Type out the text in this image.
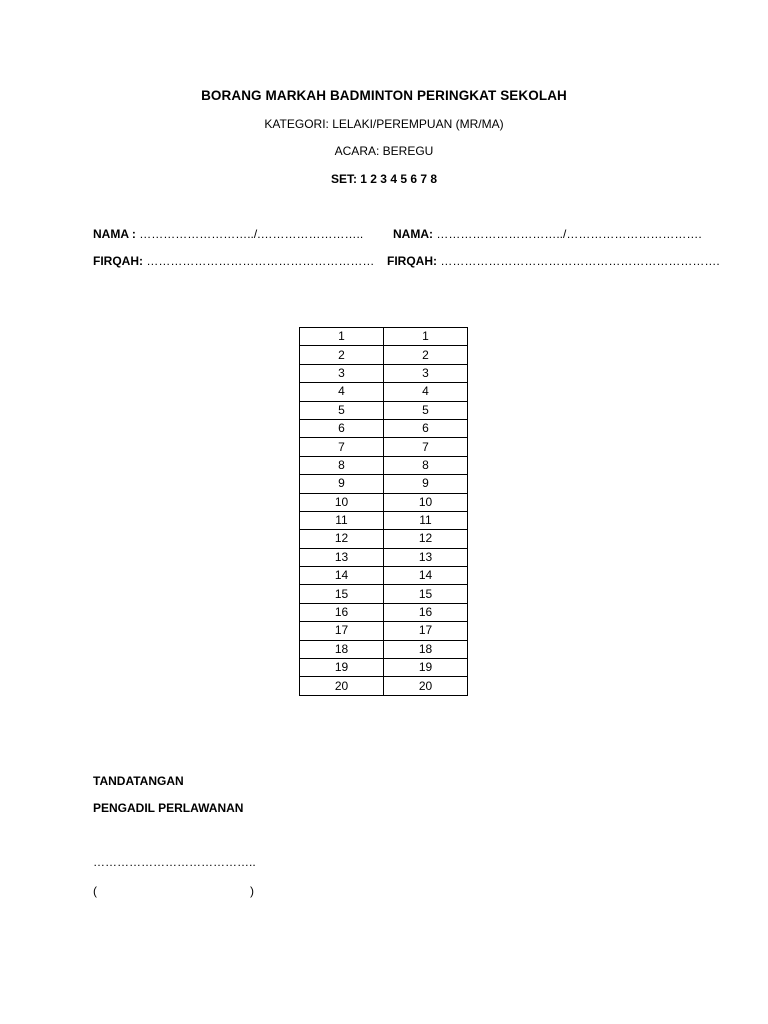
BORANG MARKAH BADMINTON PERINGKAT SEKOLAH
KATEGORI: LELAKI/PEREMPUAN (MR/MA)
ACARA: BEREGU
SET: 1 2 3 4 5 6 7 8
NAMA : ………………………../.……………………..
FIRQAH: …………………………………………………
NAMA: …………………………../…………………………….
FIRQAH: …………………………………………………………….
1	1
2	2
3	3
4	4
5	5
6	6
7	7
8	8
9	9
10	10
11	11
12	12
13	13
14	14
15	15
16	16
17	17
18	18
19	19
20	20
TANDATANGAN
PENGADIL PERLAWANAN
…………………………………..
(	)
